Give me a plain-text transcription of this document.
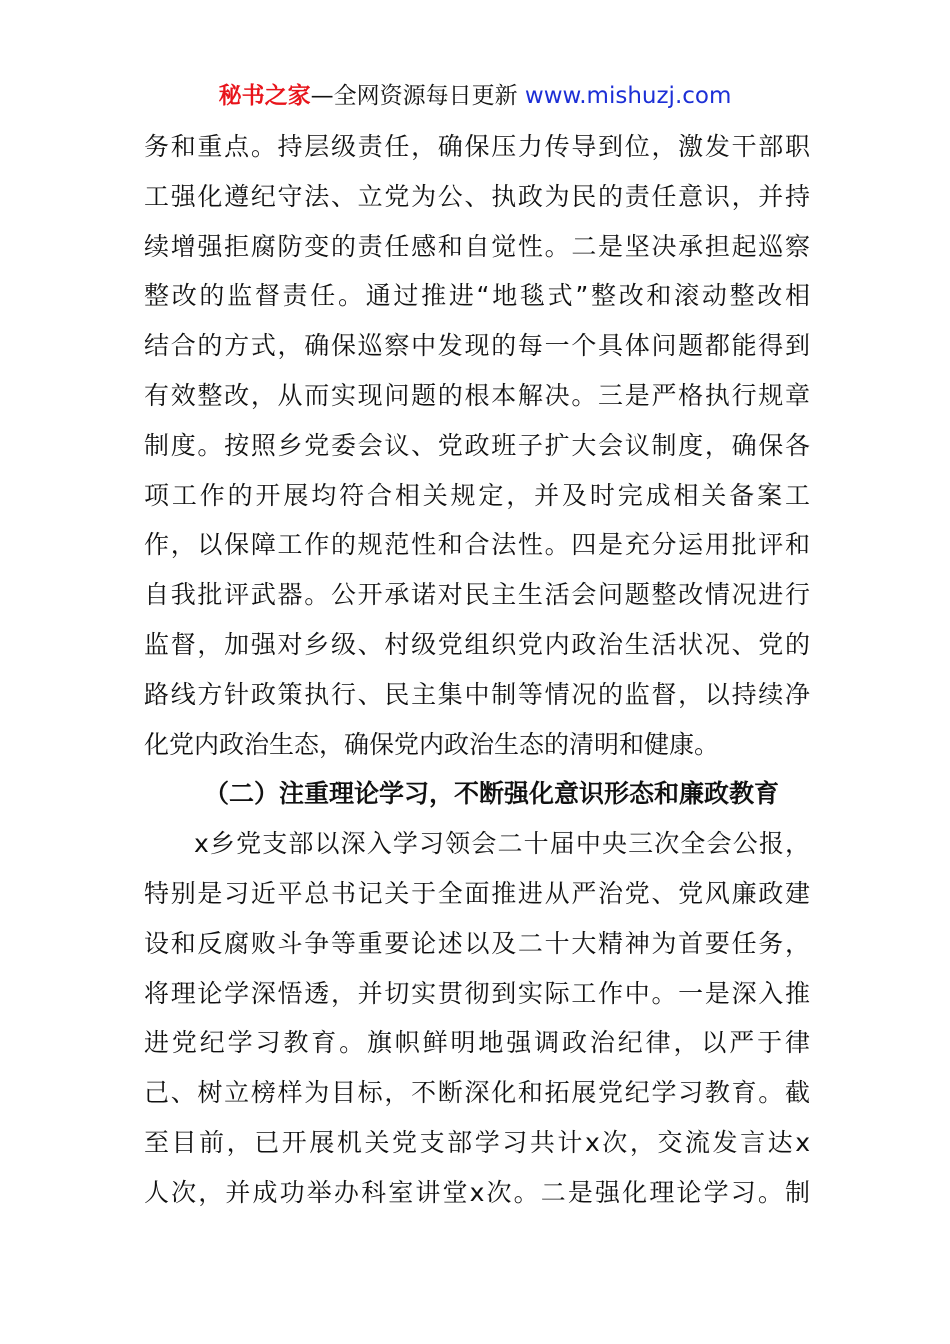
秘书之家—全网资源每日更新 www.mishuzj.com
务和重点。持层级责任，确保压力传导到位，激发干部职
工强化遵纪守法、立党为公、执政为民的责任意识，并持
续增强拒腐防变的责任感和自觉性。二是坚决承担起巡察
整改的监督责任。通过推进“地毯式”整改和滚动整改相
结合的方式，确保巡察中发现的每一个具体问题都能得到
有效整改，从而实现问题的根本解决。三是严格执行规章
制度。按照乡党委会议、党政班子扩大会议制度，确保各
项工作的开展均符合相关规定，并及时完成相关备案工
作，以保障工作的规范性和合法性。四是充分运用批评和
自我批评武器。公开承诺对民主生活会问题整改情况进行
监督，加强对乡级、村级党组织党内政治生活状况、党的
路线方针政策执行、民主集中制等情况的监督，以持续净
化党内政治生态，确保党内政治生态的清明和健康。
（二）注重理论学习，不断强化意识形态和廉政教育
x乡党支部以深入学习领会二十届中央三次全会公报，
特别是习近平总书记关于全面推进从严治党、党风廉政建
设和反腐败斗争等重要论述以及二十大精神为首要任务，
将理论学深悟透，并切实贯彻到实际工作中。一是深入推
进党纪学习教育。旗帜鲜明地强调政治纪律，以严于律
己、树立榜样为目标，不断深化和拓展党纪学习教育。截
至目前，已开展机关党支部学习共计x次，交流发言达x
人次，并成功举办科室讲堂x次。二是强化理论学习。制
